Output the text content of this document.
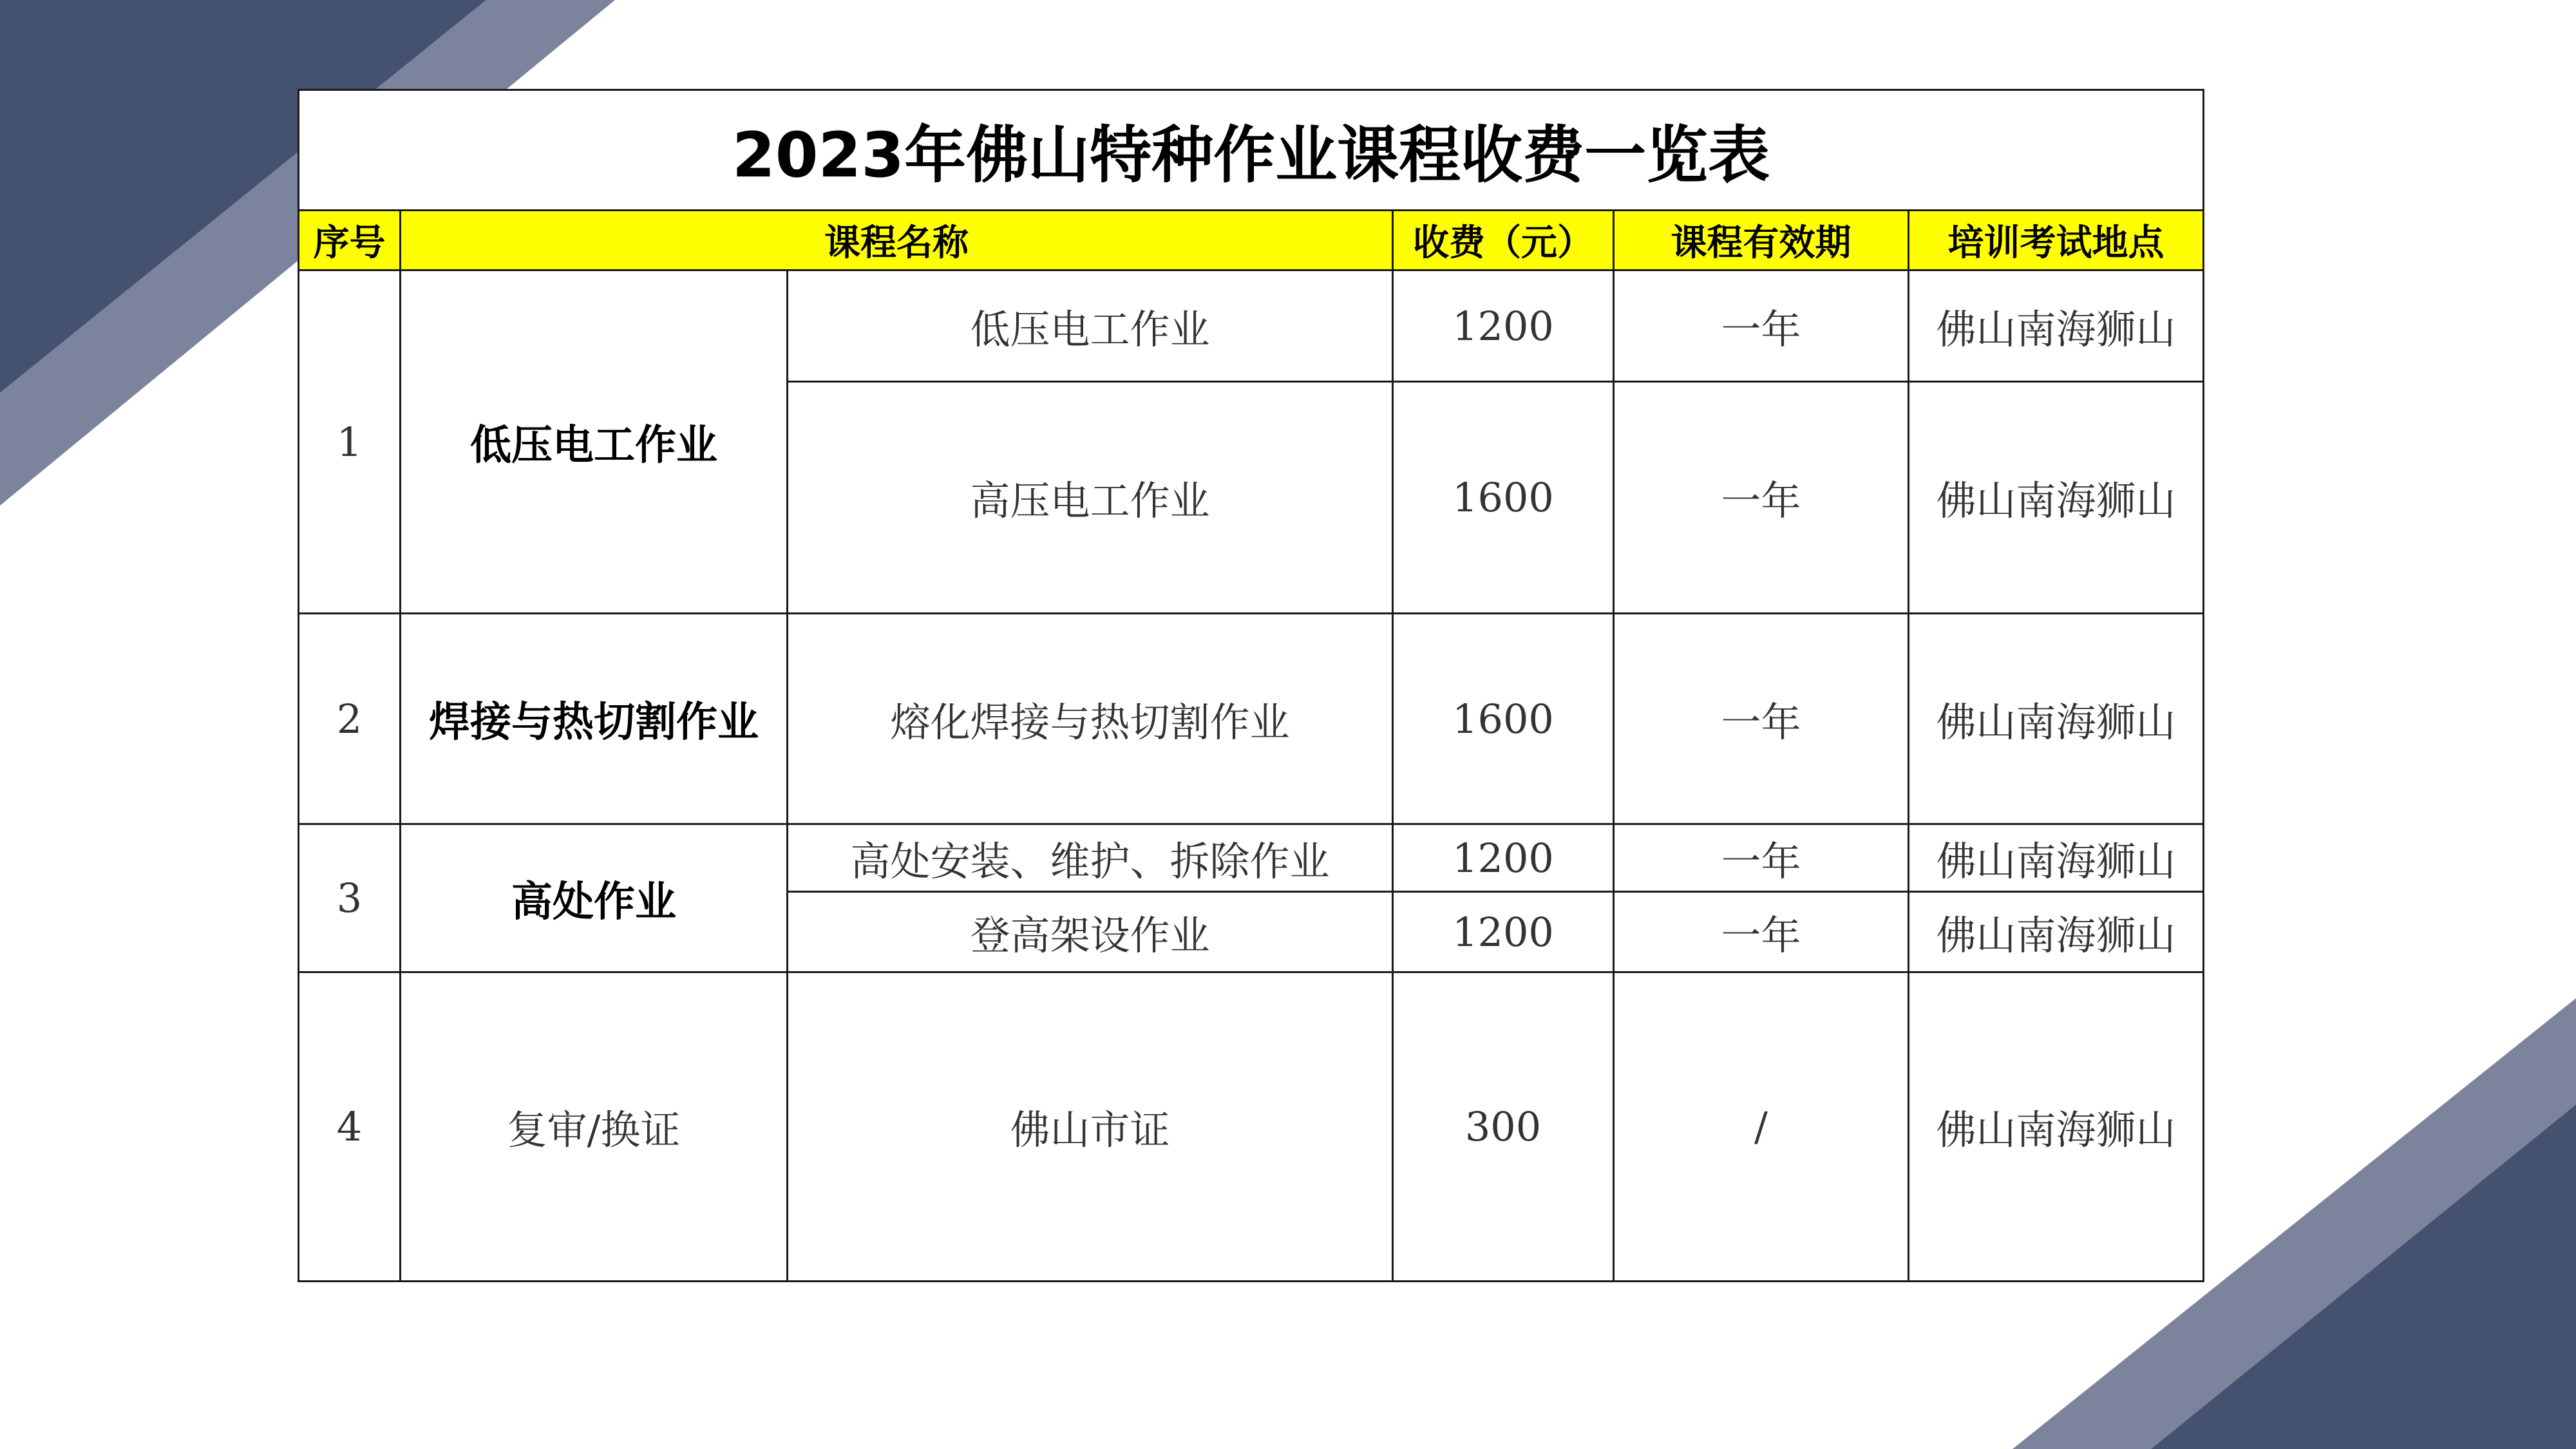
2023年佛山特种作业课程收费一览表					
序号	课程名称		收费（元）	课程有效期	培训考试地点
1	低压电工作业	低压电工作业	1200	一年	佛山南海狮山
		高压电工作业	1600	一年	佛山南海狮山
2	焊接与热切割作业	熔化焊接与热切割作业	1600	一年	佛山南海狮山
3	高处作业	高处安装、维护、拆除作业	1200	一年	佛山南海狮山
		登高架设作业	1200	一年	佛山南海狮山
4	复审/换证	佛山市证	300	/	佛山南海狮山
